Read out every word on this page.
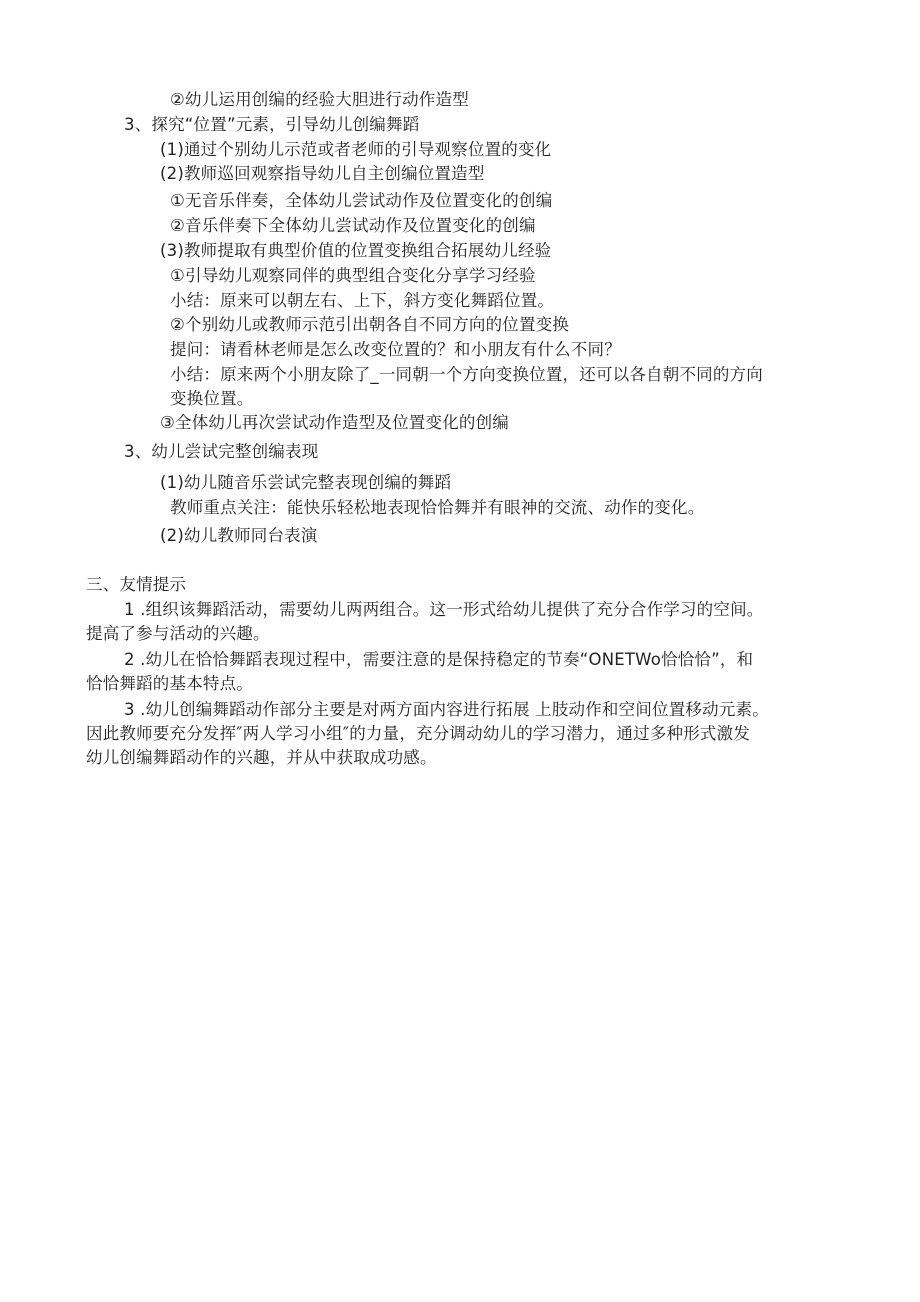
②幼儿运用创编的经验大胆进行动作造型
3、探究“位置”元素，引导幼儿创编舞蹈
(1)通过个别幼儿示范或者老师的引导观察位置的变化
(2)教师巡回观察指导幼儿自主创编位置造型
①无音乐伴奏，全体幼儿尝试动作及位置变化的创编
②音乐伴奏下全体幼儿尝试动作及位置变化的创编
(3)教师提取有典型价值的位置变换组合拓展幼儿经验
①引导幼儿观察同伴的典型组合变化分享学习经验
小结：原来可以朝左右、上下，斜方变化舞蹈位置。
②个别幼儿或教师示范引出朝各自不同方向的位置变换
提问：请看林老师是怎么改变位置的？和小朋友有什么不同？
小结：原来两个小朋友除了_一同朝一个方向变换位置，还可以各自朝不同的方向
变换位置。
③全体幼儿再次尝试动作造型及位置变化的创编
3、幼儿尝试完整创编表现
(1)幼儿随音乐尝试完整表现创编的舞蹈
教师重点关注：能快乐轻松地表现恰恰舞并有眼神的交流、动作的变化。
(2)幼儿教师同台表演
三、友情提示
1 .组织该舞蹈活动，需要幼儿两两组合。这一形式给幼儿提供了充分合作学习的空间。
提高了参与活动的兴趣。
2 .幼儿在恰恰舞蹈表现过程中，需要注意的是保持稳定的节奏“ONETWo恰恰恰”，和
恰恰舞蹈的基本特点。
3 .幼儿创编舞蹈动作部分主要是对两方面内容进行拓展 上肢动作和空间位置移动元素。
因此教师要充分发挥″两人学习小组″的力量，充分调动幼儿的学习潜力，通过多种形式激发
幼儿创编舞蹈动作的兴趣，并从中获取成功感。
